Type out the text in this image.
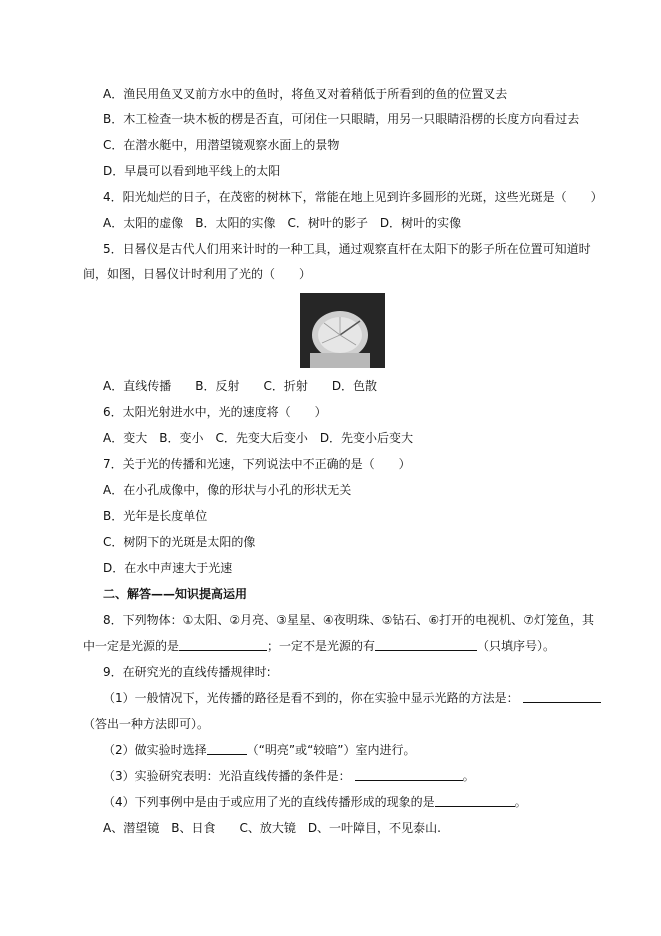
A．渔民用鱼叉叉前方水中的鱼时，将鱼叉对着稍低于所看到的鱼的位置叉去
B．木工检查一块木板的楞是否直，可闭住一只眼睛，用另一只眼睛沿楞的长度方向看过去
C．在潜水艇中，用潜望镜观察水面上的景物
D．早晨可以看到地平线上的太阳
4．阳光灿烂的日子，在茂密的树林下，常能在地上见到许多圆形的光斑，这些光斑是（　　）
A．太阳的虚像　B．太阳的实像　C．树叶的影子　D．树叶的实像
5．日晷仪是古代人们用来计时的一种工具，通过观察直杆在太阳下的影子所在位置可知道时
间，如图，日晷仪计时利用了光的（　　）
A．直线传播　　B．反射　　C．折射　　D．色散
6．太阳光射进水中，光的速度将（　　）
A．变大　B．变小　C．先变大后变小　D．先变小后变大
7．关于光的传播和光速，下列说法中不正确的是（　　）
A．在小孔成像中，像的形状与小孔的形状无关
B．光年是长度单位
C．树阴下的光斑是太阳的像
D．在水中声速大于光速
二、解答——知识提高运用
8．下列物体：①太阳、②月亮、③星星、④夜明珠、⑤钻石、⑥打开的电视机、⑦灯笼鱼，其
中一定是光源的是	；一定不是光源的有	（只填序号）。
9．在研究光的直线传播规律时:
（1）一般情况下，光传播的路径是看不到的，你在实验中显示光路的方法是：
（答出一种方法即可）。
（2）做实验时选择	（“明亮”或“较暗”）室内进行。
（3）实验研究表明：光沿直线传播的条件是：	。
（4）下列事例中是由于或应用了光的直线传播形成的现象的是	。
A、潜望镜　B、日食　　C、放大镜　D、一叶障目，不见泰山.
